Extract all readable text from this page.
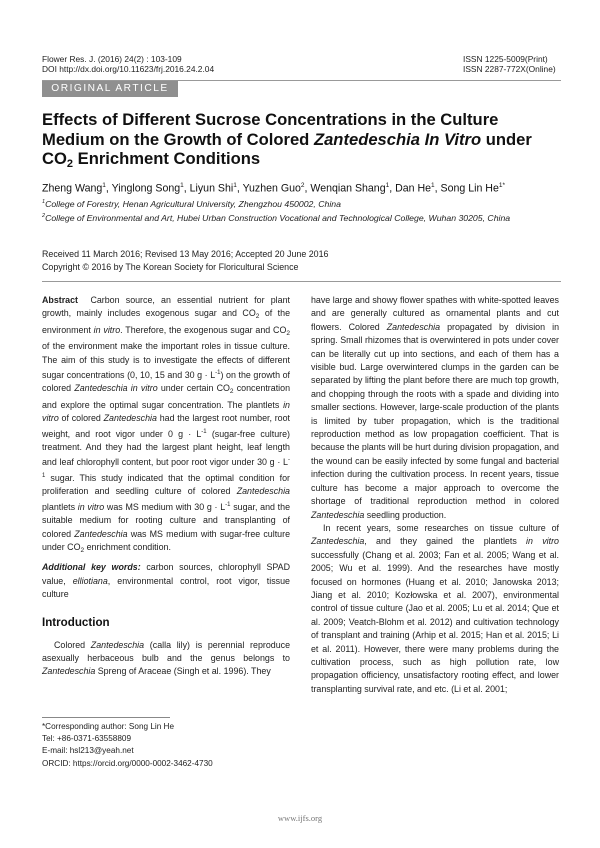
Flower Res. J. (2016) 24(2) : 103-109
DOI http://dx.doi.org/10.11623/frj.2016.24.2.04
ISSN 1225-5009(Print)
ISSN 2287-772X(Online)
ORIGINAL ARTICLE
Effects of Different Sucrose Concentrations in the Culture Medium on the Growth of Colored Zantedeschia In Vitro under $CO_2$ Enrichment Conditions
Zheng Wang$^1$, Yinglong Song$^1$, Liyun Shi$^1$, Yuzhen Guo$^2$, Wenqian Shang$^1$, Dan He$^1$, Song Lin $He^{1*}$
$^1$College of Forestry, Henan Agricultural University, Zhengzhou 450002, China
$^2$College of Environmental and Art, Hubei Urban Construction Vocational and Technological College, Wuhan 30205, China
Received 11 March 2016; Revised 13 May 2016; Accepted 20 June 2016
Copyright © 2016 by The Korean Society for Floricultural Science

Abstract Carbon source, an essential nutrient for plant growth, mainly includes exogenous sugar and $CO_2$ of the environment in vitro. Therefore, the exogenous sugar and $CO_2$ of the environment make the important roles in tissue culture. The aim of this study is to investigate the effects of different sugar concentrations (0, 10, 15 and 30 $g \cdot L^{-1}$) on the growth of colored Zantedeschia in vitro under certain $CO_2$ concentration and explore the optimal sugar concentration. The plantlets in vitro of colored Zantedeschia had the largest root number, root weight, and root vigor under 0 $g \cdot L^{-1}$ (sugar-free culture) treatment. And they had the largest plant height, leaf length and leaf chlorophyll content, but poor root vigor under 30 $g \cdot L^{-1}$ sugar. This study indicated that the optimal condition for proliferation and seedling culture of colored Zantedeschia plantlets in vitro was MS medium with 30 $g \cdot L^{-1}$ sugar, and the suitable medium for rooting culture and transplanting of colored Zantedeschia was MS medium with sugar-free culture under $CO_2$ enrichment condition.

Additional key words: carbon sources, chlorophyll SPAD value, elliotiana, environmental control, root vigor, tissue culture

Introduction

Colored Zantedeschia (calla lily) is perennial reproduce asexually herbaceous bulb and the genus belongs to Zantedeschia Spreng of Araceae (Singh et al. 1996). They

have large and showy flower spathes with white-spotted leaves and are generally cultured as ornamental plants and cut flowers. Colored Zantedeschia propagated by division in spring. Small rhizomes that is overwintered in pots under cover can be literally cut up into sections, and each of them has a visible bud. Large overwintered clumps in the garden can be separated by lifting the plant before there are much top growth, and chopping through the roots with a spade and dividing into smaller sections. However, large-scale production of the plants is limited by tuber propagation, which is the traditional reproduction method as low propagation coefficient. That is because the plants will be hurt during division propagation, and the wound can be easily infected by some fungal and bacterial infection during the cultivation process. In recent years, tissue culture has become a major approach to overcome the shortage of traditional reproduction method in colored Zantedeschia seedling production.

In recent years, some researches on tissue culture of Zantedeschia, and they gained the plantlets in vitro successfully (Chang et al. 2003; Fan et al. 2005; Wang et al. 2005; Wu et al. 1999). And the researches have mostly focused on hormones (Huang et al. 2010; Janowska 2013; Jiang et al. 2010; Kozłowska et al. 2007), environmental control of tissue culture (Jao et al. 2005; Lu et al. 2014; Que et al. 2009; Veatch-Blohm et al. 2012) and cultivation technology of transplant and training (Arhip et al. 2015; Han et al. 2015; Li et al. 2011). However, there were many problems during the cultivation process, such as high pollution rate, low propagation officiency, unsatisfactory rooting effect, and lower transplanting survival rate, and etc. (Li et al. 2001;

*Corresponding author: Song Lin He
Tel: +86-0371-63558809
E-mail: hsl213@yeah.net
ORCID: https://orcid.org/0000-0002-3462-4730
www.ijfs.org
